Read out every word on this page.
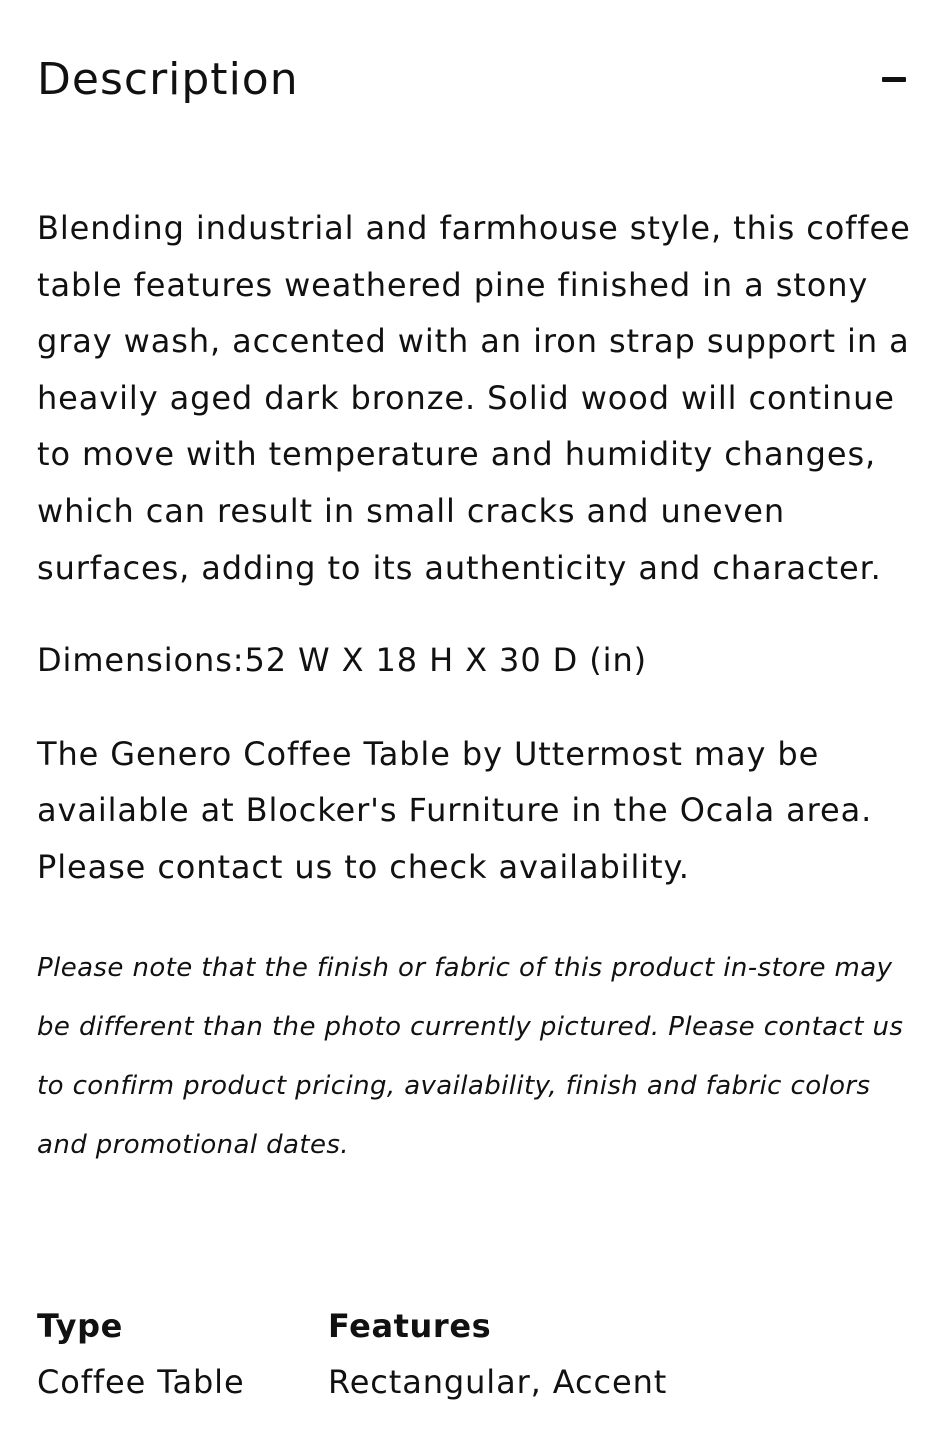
Description

Blending industrial and farmhouse style, this coffee table features weathered pine finished in a stony gray wash, accented with an iron strap support in a heavily aged dark bronze. Solid wood will continue to move with temperature and humidity changes, which can result in small cracks and uneven surfaces, adding to its authenticity and character.

Dimensions:52 W X 18 H X 30 D (in)

The Genero Coffee Table by Uttermost may be available at Blocker's Furniture in the Ocala area. Please contact us to check availability.

Please note that the finish or fabric of this product in-store may be different than the photo currently pictured. Please contact us to confirm product pricing, availability, finish and fabric colors and promotional dates.

Type
Coffee Table
Features
Rectangular, Accent
